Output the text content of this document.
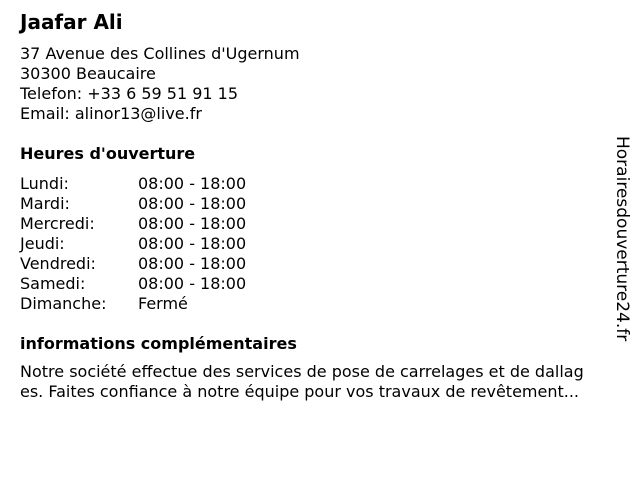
Jaafar Ali
37 Avenue des Collines d'Ugernum
30300 Beaucaire
Telefon: +33 6 59 51 91 15
Email: alinor13@live.fr
Heures d'ouverture
Lundi:	08:00 - 18:00
Mardi:	08:00 - 18:00
Mercredi:	08:00 - 18:00
Jeudi:	08:00 - 18:00
Vendredi:	08:00 - 18:00
Samedi:	08:00 - 18:00
Dimanche:	Fermé
informations complémentaires
Notre société effectue des services de pose de carrelages et de dallag
es. Faites confiance à notre équipe pour vos travaux de revêtement...
Horairesdouverture24.fr
